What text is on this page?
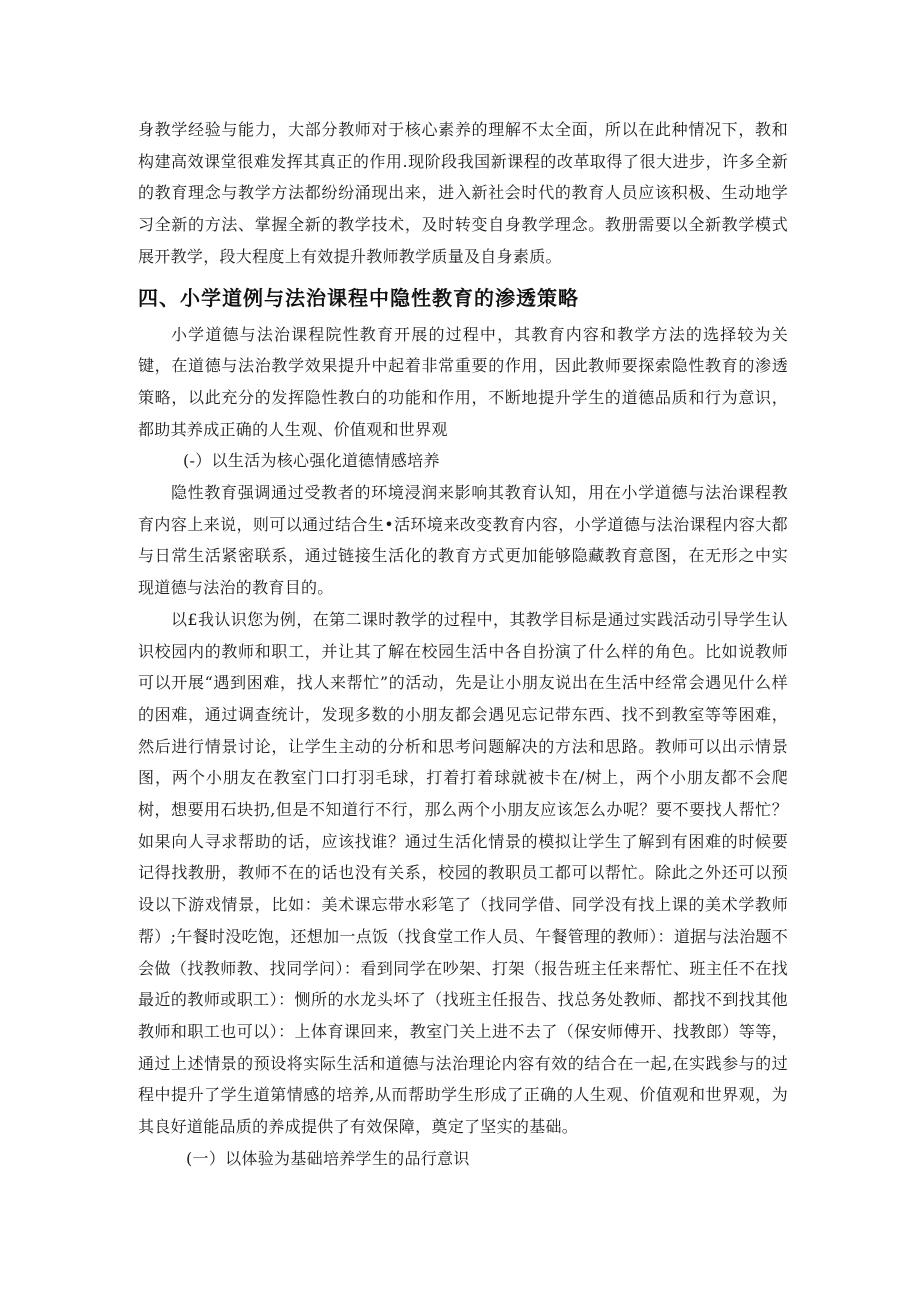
身教学经验与能力，大部分教师对于核心素养的理解不太全面，所以在此种情况下，教和构建高效课堂很难发挥其真正的作用.现阶段我国新课程的改革取得了很大进步，许多全新的教育理念与教学方法都纷纷涌现出来，进入新社会时代的教育人员应该积极、生动地学习全新的方法、掌握全新的教学技术，及时转变自身教学理念。教册需要以全新教学模式展开教学，段大程度上有效提升教师教学质量及自身素质。

四、小学道例与法治课程中隐性教育的渗透策略

小学道德与法治课程院性教育开展的过程中，其教育内容和教学方法的选择较为关键，在道德与法治教学效果提升中起着非常重要的作用，因此教师要探索隐性教育的渗透策略，以此充分的发挥隐性教白的功能和作用，不断地提升学生的道德品质和行为意识，都助其养成正确的人生观、价值观和世界观

(-）以生活为核心强化道德情感培养

隐性教育强调通过受教者的环境浸润来影响其教育认知，用在小学道德与法治课程教育内容上来说，则可以通过结合生•活环境来改变教育内容，小学道德与法治课程内容大都与日常生活紧密联系，通过链接生活化的教育方式更加能够隐藏教育意图，在无形之中实现道德与法治的教育目的。

以£我认识您为例，在第二课时教学的过程中，其教学目标是通过实践活动引导学生认识校园内的教师和职工，并让其了解在校园生活中各自扮演了什么样的角色。比如说教师可以开展“遇到困难，找人来帮忙”的活动，先是让小朋友说出在生活中经常会遇见什么样的困难，通过调查统计，发现多数的小朋友都会遇见忘记带东西、找不到教室等等困难，然后进行情景讨论，让学生主动的分析和思考问题解决的方法和思路。教师可以出示情景图，两个小朋友在教室门口打羽毛球，打着打着球就被卡在/树上，两个小朋友都不会爬树，想要用石块扔,但是不知道行不行，那么两个小朋友应该怎么办呢？要不要找人帮忙？如果向人寻求帮助的话，应该找谁？通过生活化情景的模拟让学生了解到有困难的时候要记得找教册，教师不在的话也没有关系，校园的教职员工都可以帮忙。除此之外还可以预设以下游戏情景，比如：美术课忘带水彩笔了（找同学借、同学没有找上课的美术学教师帮）;午餐时没吃饱，还想加一点饭（找食堂工作人员、午餐管理的教师）：道据与法治题不会做（找教师教、找同学问）：看到同学在吵架、打架（报告班主任来帮忙、班主任不在找最近的教师或职工）：恻所的水龙头坏了（找班主任报告、找总务处教师、都找不到找其他教师和职工也可以）：上体育课回来，教室门关上进不去了（保安师傅开、找教郎）等等，通过上述情景的预设将实际生活和道德与法治理论内容有效的结合在一起,在实践参与的过程中提升了学生道第情感的培养,从而帮助学生形成了正确的人生观、价值观和世界观，为其良好道能品质的养成提供了有效保障，奠定了坚实的基础。

(一）以体验为基础培养学生的品行意识
